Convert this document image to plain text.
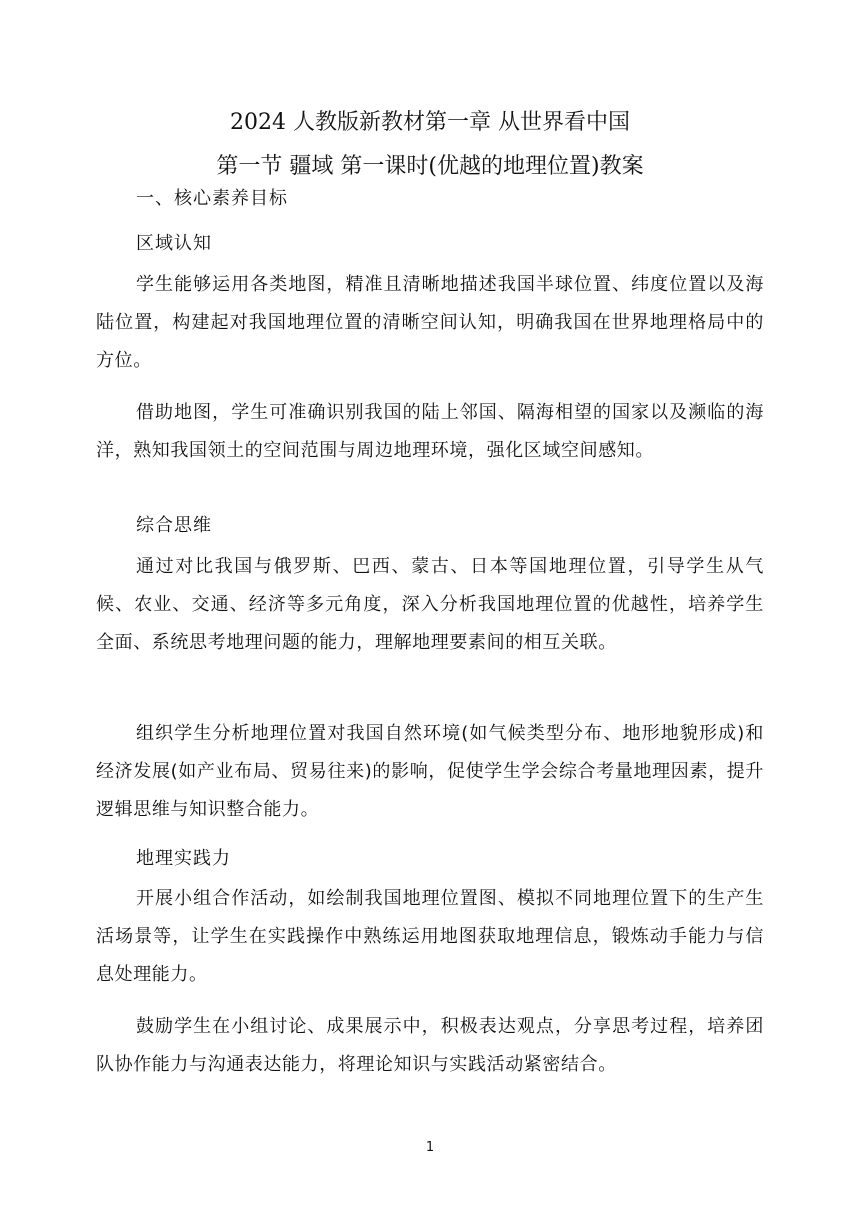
2024 人教版新教材第一章 从世界看中国
第一节 疆域 第一课时(优越的地理位置)教案
一、核心素养目标
区域认知
学生能够运用各类地图，精准且清晰地描述我国半球位置、纬度位置以及海陆位置，构建起对我国地理位置的清晰空间认知，明确我国在世界地理格局中的方位。
借助地图，学生可准确识别我国的陆上邻国、隔海相望的国家以及濒临的海洋，熟知我国领土的空间范围与周边地理环境，强化区域空间感知。
综合思维
通过对比我国与俄罗斯、巴西、蒙古、日本等国地理位置，引导学生从气候、农业、交通、经济等多元角度，深入分析我国地理位置的优越性，培养学生全面、系统思考地理问题的能力，理解地理要素间的相互关联。
组织学生分析地理位置对我国自然环境(如气候类型分布、地形地貌形成)和经济发展(如产业布局、贸易往来)的影响，促使学生学会综合考量地理因素，提升逻辑思维与知识整合能力。
地理实践力
开展小组合作活动，如绘制我国地理位置图、模拟不同地理位置下的生产生活场景等，让学生在实践操作中熟练运用地图获取地理信息，锻炼动手能力与信息处理能力。
鼓励学生在小组讨论、成果展示中，积极表达观点，分享思考过程，培养团队协作能力与沟通表达能力，将理论知识与实践活动紧密结合。
1
